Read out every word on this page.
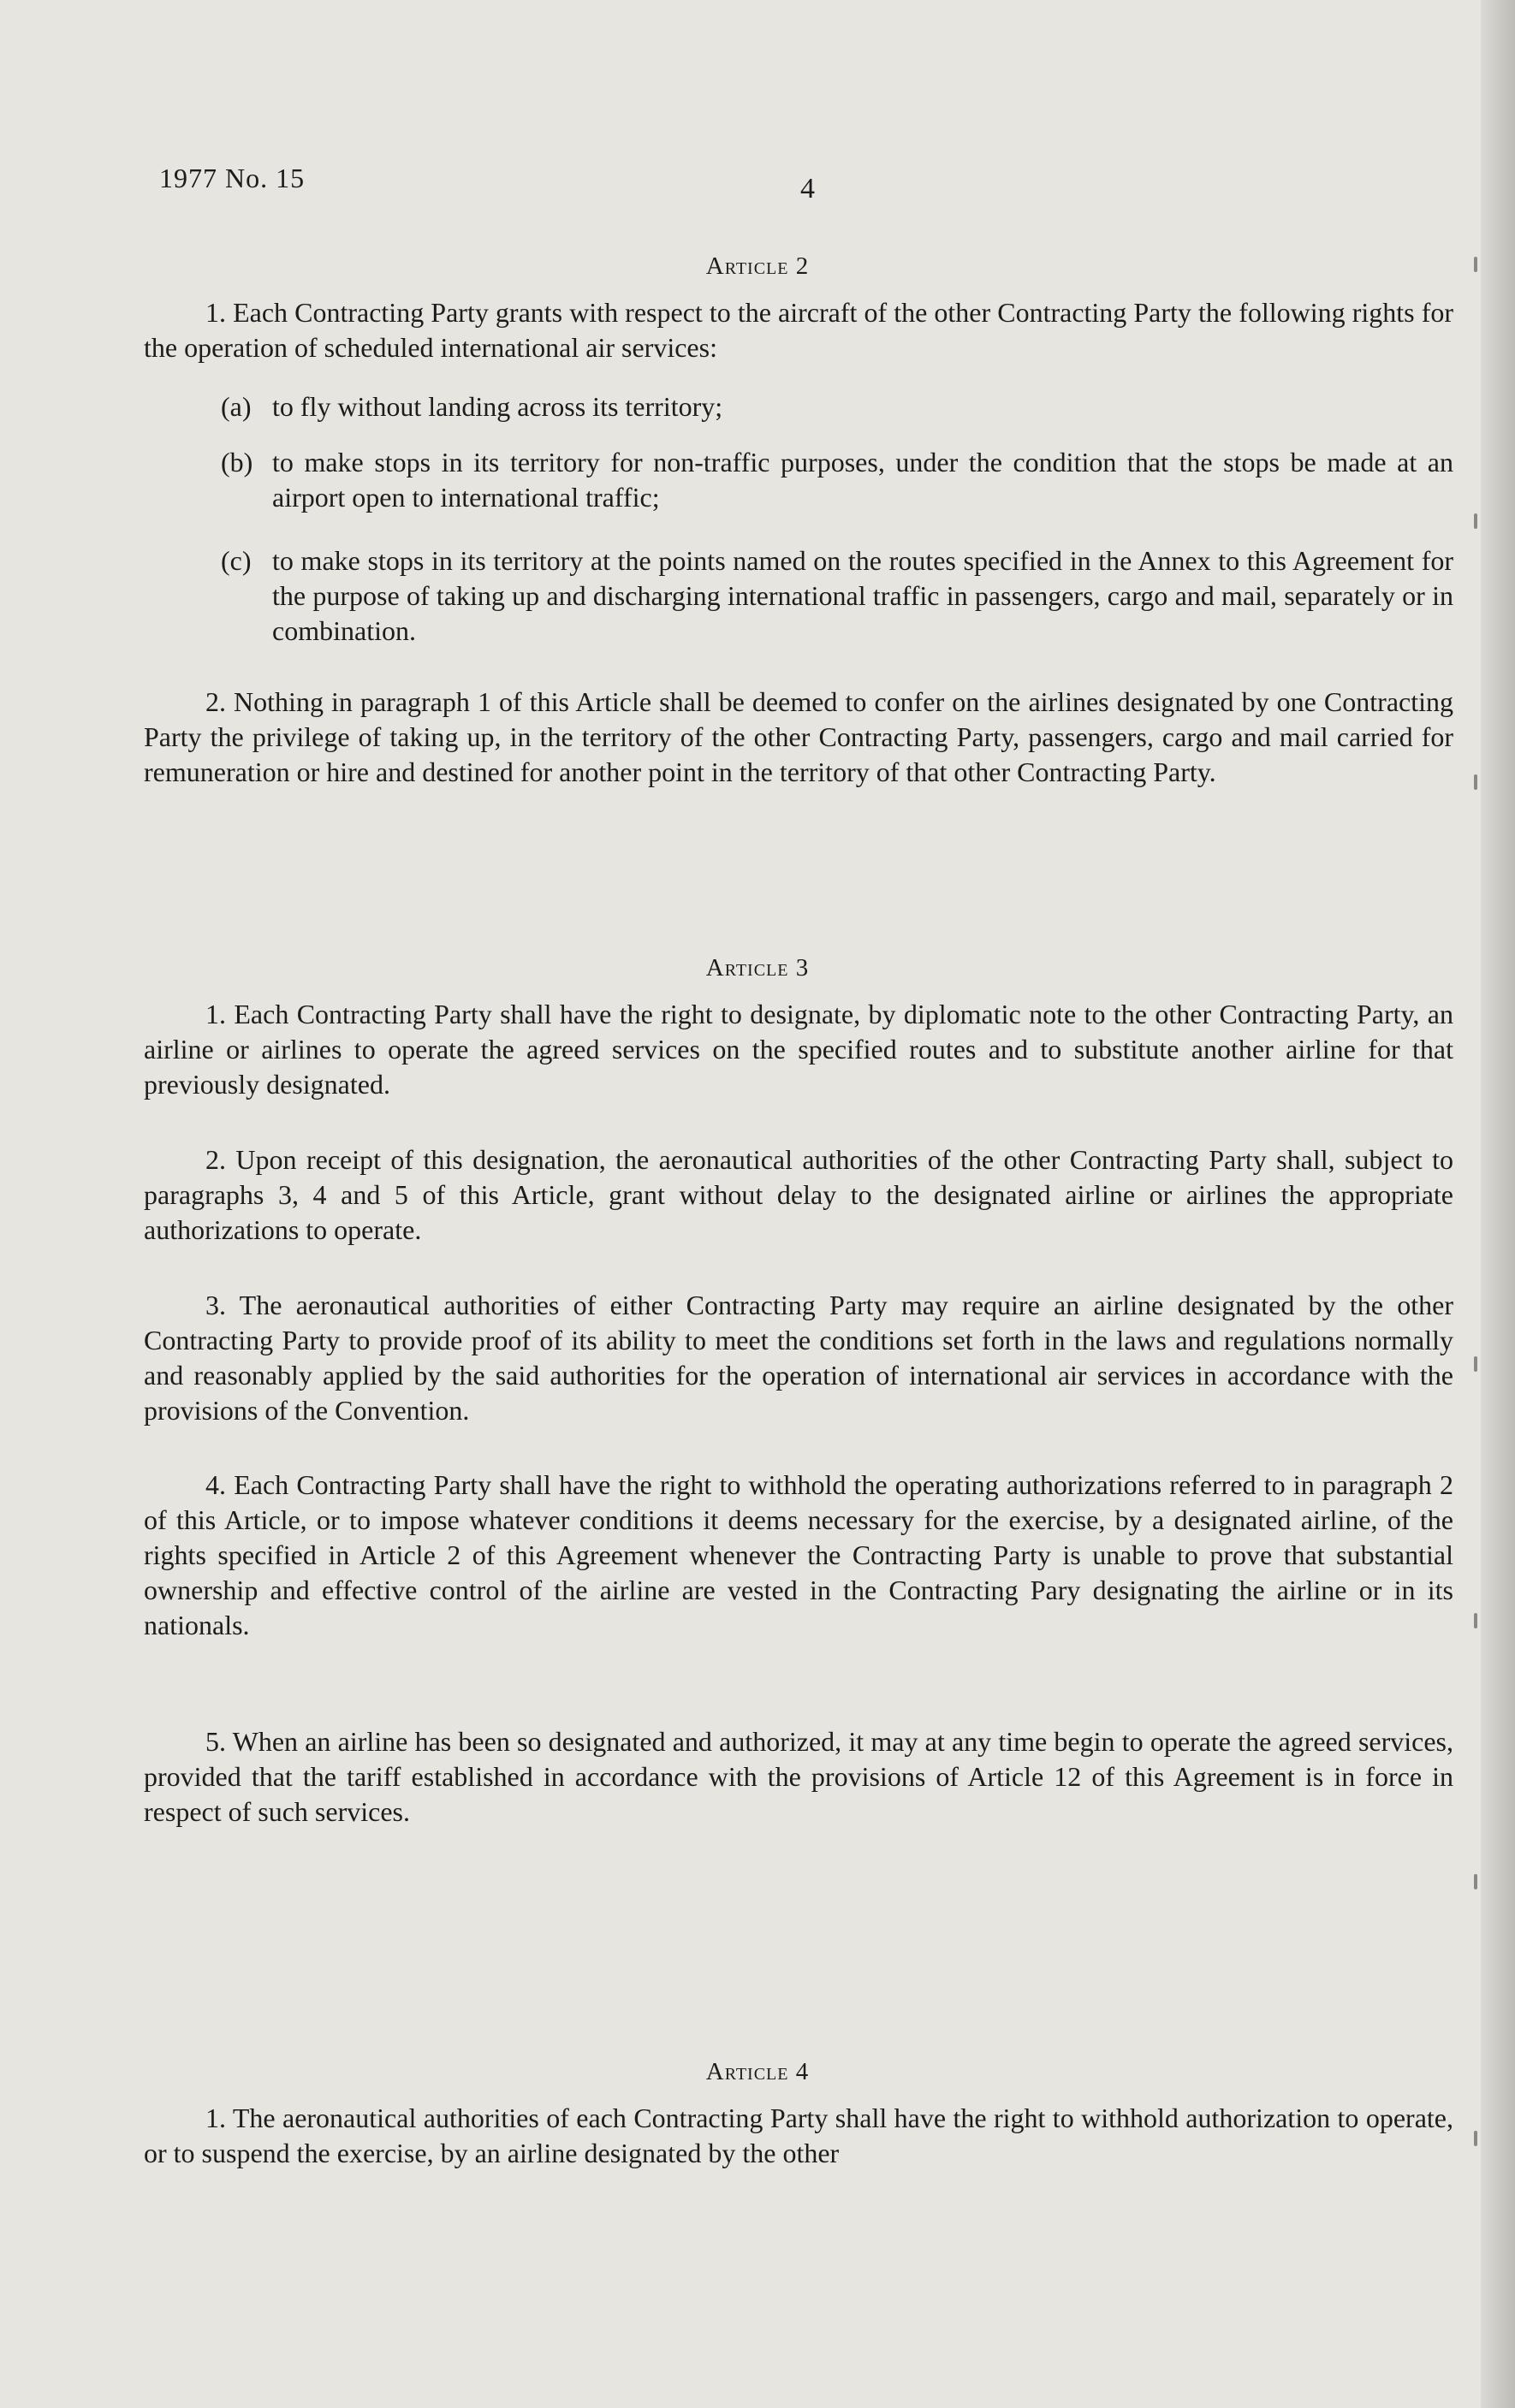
1977 No. 15	4
Article 2
1. Each Contracting Party grants with respect to the aircraft of the other Contracting Party the following rights for the operation of scheduled international air services:
(a) to fly without landing across its territory;
(b) to make stops in its territory for non-traffic purposes, under the condition that the stops be made at an airport open to international traffic;
(c) to make stops in its territory at the points named on the routes specified in the Annex to this Agreement for the purpose of taking up and discharging international traffic in passengers, cargo and mail, separately or in combination.
2. Nothing in paragraph 1 of this Article shall be deemed to confer on the airlines designated by one Contracting Party the privilege of taking up, in the territory of the other Contracting Party, passengers, cargo and mail carried for remuneration or hire and destined for another point in the territory of that other Contracting Party.
Article 3
1. Each Contracting Party shall have the right to designate, by diplomatic note to the other Contracting Party, an airline or airlines to operate the agreed services on the specified routes and to substitute another airline for that previously designated.
2. Upon receipt of this designation, the aeronautical authorities of the other Contracting Party shall, subject to paragraphs 3, 4 and 5 of this Article, grant without delay to the designated airline or airlines the appropriate authorizations to operate.
3. The aeronautical authorities of either Contracting Party may require an airline designated by the other Contracting Party to provide proof of its ability to meet the conditions set forth in the laws and regulations normally and reasonably applied by the said authorities for the operation of international air services in accordance with the provisions of the Convention.
4. Each Contracting Party shall have the right to withhold the operating authorizations referred to in paragraph 2 of this Article, or to impose whatever conditions it deems necessary for the exercise, by a designated airline, of the rights specified in Article 2 of this Agreement whenever the Contracting Party is unable to prove that substantial ownership and effective control of the airline are vested in the Contracting Pary designating the airline or in its nationals.
5. When an airline has been so designated and authorized, it may at any time begin to operate the agreed services, provided that the tariff established in accordance with the provisions of Article 12 of this Agreement is in force in respect of such services.
Article 4
1. The aeronautical authorities of each Contracting Party shall have the right to withhold authorization to operate, or to suspend the exercise, by an airline designated by the other
